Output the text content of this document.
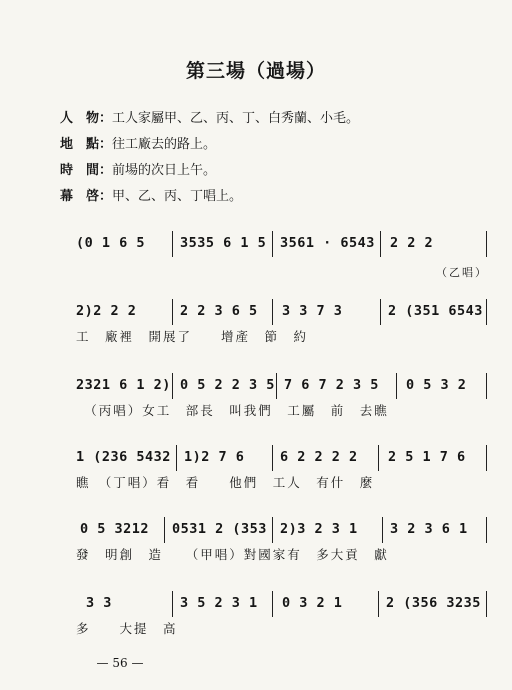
第三場（過場）
人　物：工人家屬甲、乙、丙、丁、白秀蘭、小毛。
地　點：往工廠去的路上。
時　間：前場的次日上午。
幕　啓：甲、乙、丙、丁唱上。
(0 1 6 5	3535 6 1 5 3561 · 6543 2 2 2
（乙唱）
2)2 2 2	2 2 3 6 5 3 3 7 3	2 (351 6543
工　廠裡　開展了　　增產　節　約
2321 6 1 2) 0 5 2 2 3 5 7 6 7 2 3 5 0 5 3 2
　（丙唱）女工　部長　叫我們　工屬　前　去瞧
1 (236 5432 1)2 7 6	6 2 2 2 2 2 5 1 7 6
瞧　（丁唱）看　看　　他們　工人　有什　麼
0 5 3212 0531 2 (353 2)3 2 3 1 3 2 3 6 1
發　明創　造　　（甲唱）對國家有　多大貢　獻
3 3	3 5 2 3 1 0 3 2 1	2 (356 3235
多　　大提　高
— 56 —
